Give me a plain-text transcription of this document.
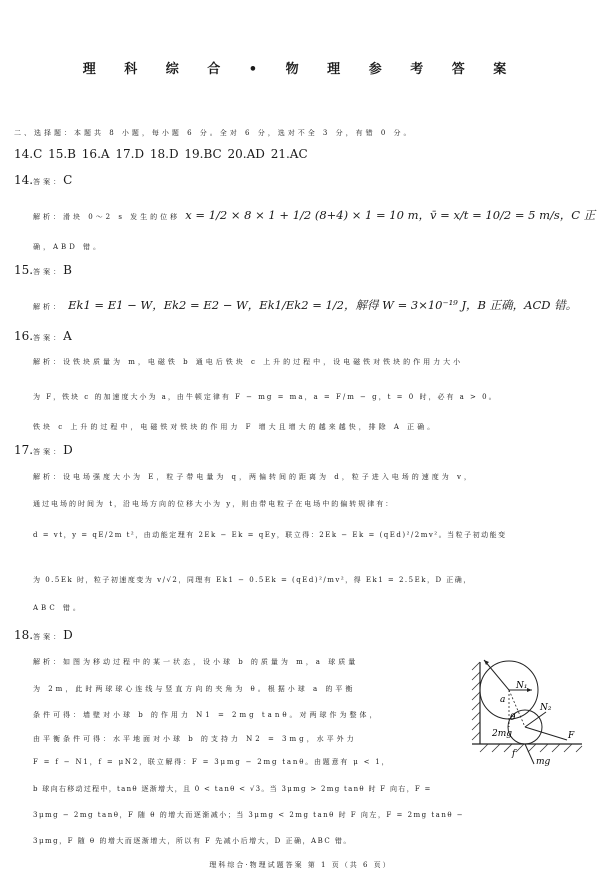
理 科 综 合 • 物 理 参 考 答 案
二、选择题：本题共 8 小题，每小题 6 分。全对 6 分，选对不全 3 分，有错 0 分。
14.C 15.B 16.A 17.D 18.D 19.BC 20.AD 21.AC
14.答案：C
解析：滑块 0～2 s 发生的位移 x = 1/2 × 8 × 1 + 1/2 (8+4) × 1 = 10 m，v̄ = x/t = 10/2 = 5 m/s，C 正
确，ABD 错。
15.答案：B
解析： Ek1 = E1 − W，Ek2 = E2 − W，Ek1/Ek2 = 1/2，解得 W = 3×10⁻¹⁹ J，B 正确，ACD 错。
16.答案：A
解析：设铁块质量为 m，电磁铁 b 通电后铁块 c 上升的过程中，设电磁铁对铁块的作用力大小
为 F，铁块 c 的加速度大小为 a，由牛顿定律有 F − mg = ma，a = F/m − g，t = 0 时，必有 a > 0。
铁块 c 上升的过程中，电磁铁对铁块的作用力 F 增大且增大的越来越快，排除 A 正确。
17.答案：D
解析：设电场强度大小为 E，粒子带电量为 q，两偏转间的距离为 d，粒子进入电场的速度为 v，
通过电场的时间为 t，沿电场方向的位移大小为 y，则由带电粒子在电场中的偏转规律有：
d = vt，y = qE/2m t²，由动能定理有 2Ek − Ek = qEy，联立得：2Ek − Ek = (qEd)²/2mv²。当粒子初动能变
为 0.5Ek 时，粒子初速度变为 v/√2，同理有 Ek1 − 0.5Ek = (qEd)²/mv²，得 Ek1 = 2.5Ek，D 正确，
ABC 错。
18.答案：D
解析：如图为移动过程中的某一状态，设小球 b 的质量为 m，a 球质量
为 2m，此时两球球心连线与竖直方向的夹角为 θ。根据小球 a 的平衡
条件可得：墙壁对小球 b 的作用力 N1 = 2mg tanθ。对两球作为整体，
由平衡条件可得：水平地面对小球 b 的支持力 N2 = 3mg，水平外力
F = f − N1，f = μN2，联立解得：F = 3μmg − 2mg tanθ。由题意有 μ < 1，
b 球向右移动过程中，tanθ 逐渐增大，且 0 < tanθ < √3。当 3μmg > 2mg tanθ 时 F 向右，F =
3μmg − 2mg tanθ，F 随 θ 的增大而逐渐减小；当 3μmg < 2mg tanθ 时 F 向左，F = 2mg tanθ −
3μmg，F 随 θ 的增大而逐渐增大，所以有 F 先减小后增大，D 正确，ABC 错。
N₁
a
θ
N₂
2mg	F
f
mg
理科综合·物理试题答案 第 1 页（共 6 页）
